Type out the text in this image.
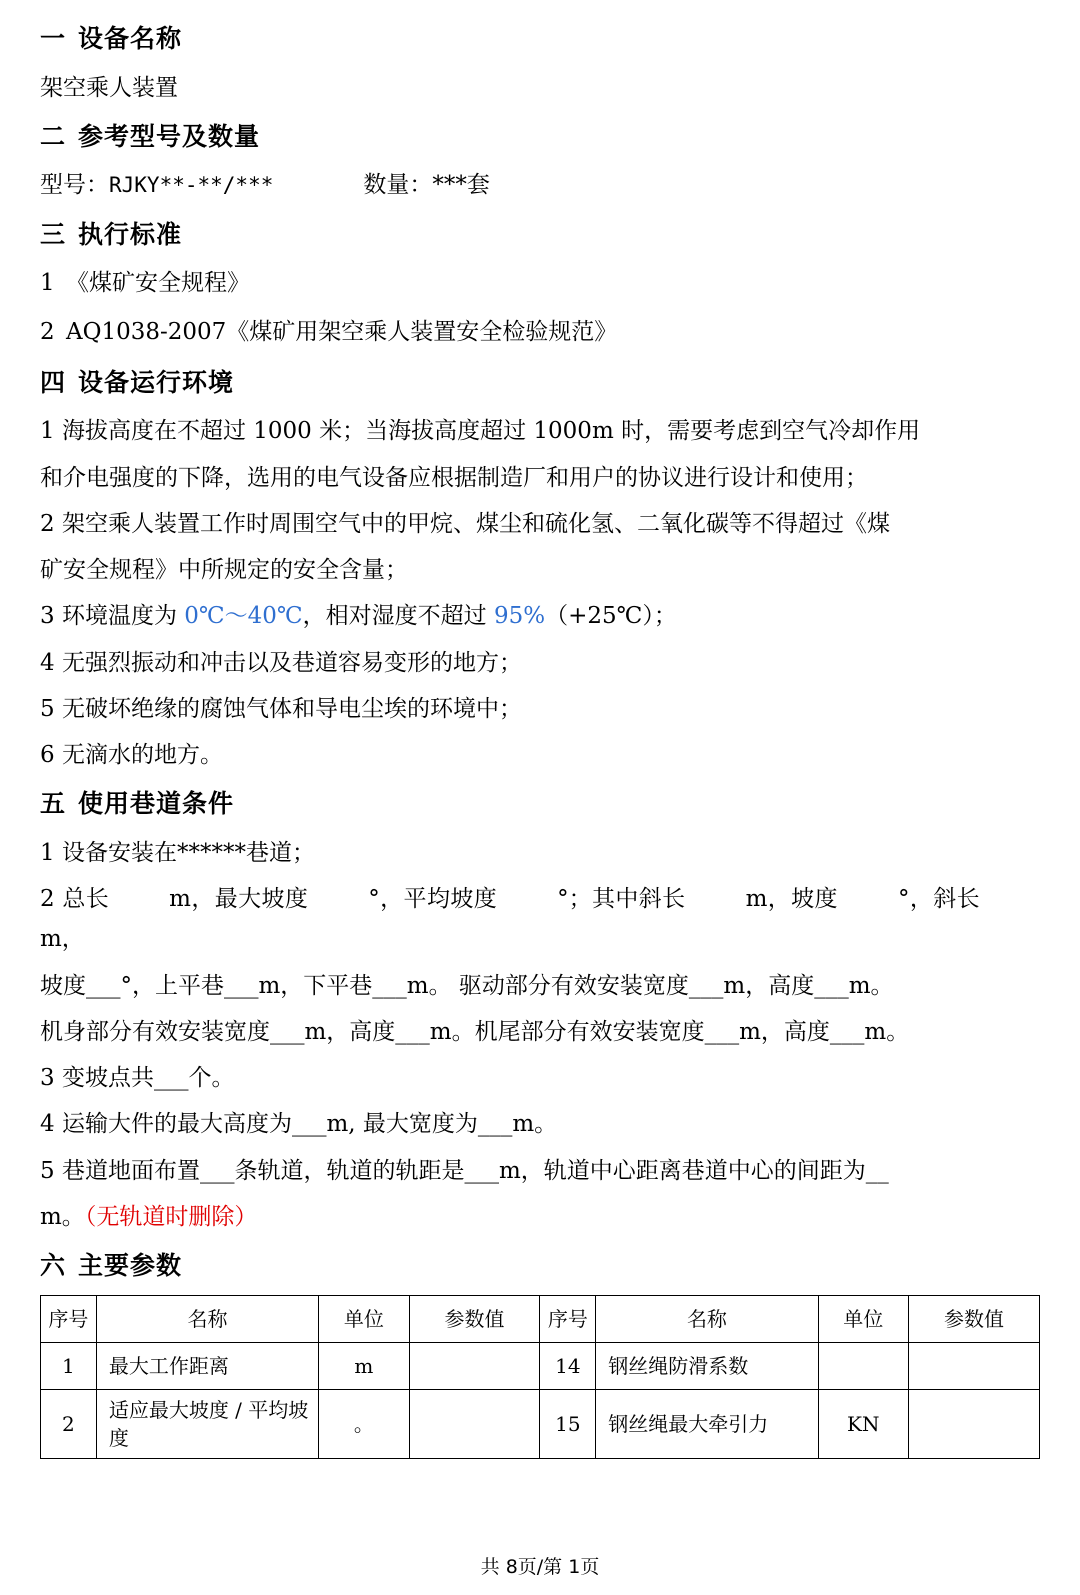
一 设备名称
架空乘人装置
二 参考型号及数量
型号：RJKY**-**/***	数量：***套
三 执行标准
1 《煤矿安全规程》
2 AQ1038-2007《煤矿用架空乘人装置安全检验规范》
四 设备运行环境
1 海拔高度在不超过 1000 米；当海拔高度超过 1000m 时，需要考虑到空气冷却作用
和介电强度的下降，选用的电气设备应根据制造厂和用户的协议进行设计和使用；
2 架空乘人装置工作时周围空气中的甲烷、煤尘和硫化氢、二氧化碳等不得超过《煤
矿安全规程》中所规定的安全含量；
3 环境温度为 0℃～40℃，相对湿度不超过 95%（+25℃）；
4 无强烈振动和冲击以及巷道容易变形的地方；
5 无破坏绝缘的腐蚀气体和导电尘埃的环境中；
6 无滴水的地方。
五 使用巷道条件
1 设备安装在******巷道；
2 总长	m，最大坡度	°，平均坡度	°；其中斜长	m，坡度	°，斜长m，
坡度___°，上平巷___m，下平巷___m。 驱动部分有效安装宽度___m，高度___m。
机身部分有效安装宽度___m，高度___m。机尾部分有效安装宽度___m，高度___m。
3 变坡点共___个。
4 运输大件的最大高度为___m, 最大宽度为___m。
5 巷道地面布置___条轨道，轨道的轨距是___m，轨道中心距离巷道中心的间距为__
m。（无轨道时删除）
六 主要参数
序号	名称	单位	参数值	序号	名称	单位	参数值
1	最大工作距离	m		14	钢丝绳防滑系数		
2	适应最大坡度 / 平均坡度	。		15	钢丝绳最大牵引力	KN	
共 8页/第 1页
